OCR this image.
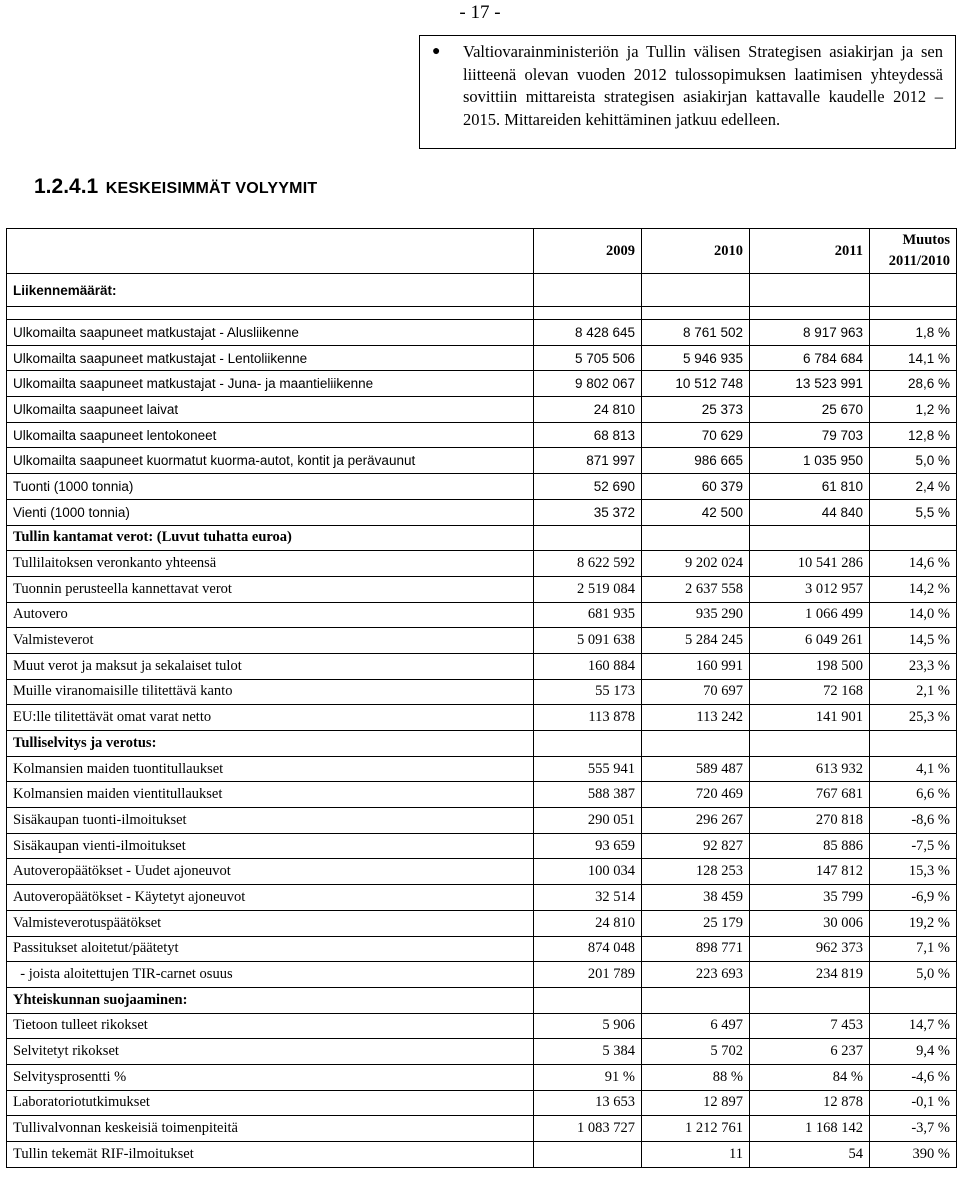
- 17 -
● Valtiovarainministeriön ja Tullin välisen Strategisen asiakirjan ja sen liitteenä olevan vuoden 2012 tulossopimuksen laatimisen yhteydessä sovittiin mittareista strategisen asiakirjan kattavalle kaudelle 2012 – 2015. Mittareiden kehittäminen jatkuu edelleen.
1.2.4.1 KESKEISIMMÄT VOLYYMIT
	2009	2010	2011	Muutos
2011/2010
Liikennemäärät:				

Ulkomailta saapuneet matkustajat - Alusliikenne	8 428 645	8 761 502	8 917 963	1,8 %
Ulkomailta saapuneet matkustajat - Lentoliikenne	5 705 506	5 946 935	6 784 684	14,1 %
Ulkomailta saapuneet matkustajat - Juna- ja maantieliikenne	9 802 067	10 512 748	13 523 991	28,6 %
Ulkomailta saapuneet laivat	24 810	25 373	25 670	1,2 %
Ulkomailta saapuneet lentokoneet	68 813	70 629	79 703	12,8 %
Ulkomailta saapuneet kuormatut kuorma-autot, kontit ja perävaunut	871 997	986 665	1 035 950	5,0 %
Tuonti (1000 tonnia)	52 690	60 379	61 810	2,4 %
Vienti (1000 tonnia)	35 372	42 500	44 840	5,5 %
Tullin kantamat verot: (Luvut tuhatta euroa)				
Tullilaitoksen veronkanto yhteensä	8 622 592	9 202 024	10 541 286	14,6 %
Tuonnin perusteella kannettavat verot	2 519 084	2 637 558	3 012 957	14,2 %
Autovero	681 935	935 290	1 066 499	14,0 %
Valmisteverot	5 091 638	5 284 245	6 049 261	14,5 %
Muut verot ja maksut ja sekalaiset tulot	160 884	160 991	198 500	23,3 %
Muille viranomaisille tilitettävä kanto	55 173	70 697	72 168	2,1 %
EU:lle tilitettävät omat varat netto	113 878	113 242	141 901	25,3 %
Tulliselvitys ja verotus:				
Kolmansien maiden tuontitullaukset	555 941	589 487	613 932	4,1 %
Kolmansien maiden vientitullaukset	588 387	720 469	767 681	6,6 %
Sisäkaupan tuonti-ilmoitukset	290 051	296 267	270 818	-8,6 %
Sisäkaupan vienti-ilmoitukset	93 659	92 827	85 886	-7,5 %
Autoveropäätökset - Uudet ajoneuvot	100 034	128 253	147 812	15,3 %
Autoveropäätökset - Käytetyt ajoneuvot	32 514	38 459	35 799	-6,9 %
Valmisteverotuspäätökset	24 810	25 179	30 006	19,2 %
Passitukset aloitetut/päätetyt	874 048	898 771	962 373	7,1 %
- joista aloitettujen TIR-carnet osuus	201 789	223 693	234 819	5,0 %
Yhteiskunnan suojaaminen:				
Tietoon tulleet rikokset	5 906	6 497	7 453	14,7 %
Selvitetyt rikokset	5 384	5 702	6 237	9,4 %
Selvitysprosentti %	91 %	88 %	84 %	-4,6 %
Laboratoriotutkimukset	13 653	12 897	12 878	-0,1 %
Tullivalvonnan keskeisiä toimenpiteitä	1 083 727	1 212 761	1 168 142	-3,7 %
Tullin tekemät RIF-ilmoitukset		11	54	390 %
